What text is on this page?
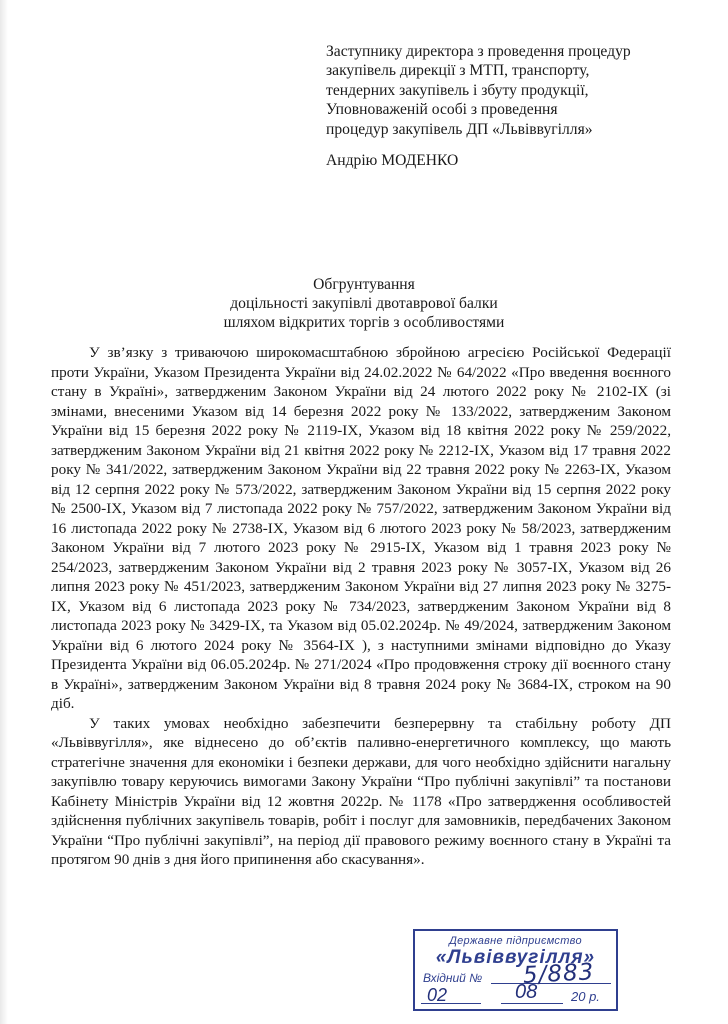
Заступнику директора з проведення процедур
закупівель дирекції з МТП, транспорту,
тендерних закупівель і збуту продукції,
Уповноваженій особі з проведення
процедур закупівель ДП «Львіввугілля»
Андрію МОДЕНКО
Обгрунтування
доцільності закупівлі двотаврової балки
шляхом відкритих торгів з особливостями

У зв’язку з триваючою широкомасштабною збройною агресією Російської Федерації проти України, Указом Президента України від 24.02.2022 № 64/2022 «Про введення воєнного стану в Україні», затвердженим Законом України від 24 лютого 2022 року № 2102-IX (зі змінами, внесеними Указом від 14 березня 2022 року № 133/2022, затвердженим Законом України від 15 березня 2022 року № 2119-IX, Указом від 18 квітня 2022 року № 259/2022, затвердженим Законом України від 21 квітня 2022 року № 2212-IX, Указом від 17 травня 2022 року № 341/2022, затвердженим Законом України від 22 травня 2022 року № 2263-IX, Указом від 12 серпня 2022 року № 573/2022, затвердженим Законом України від 15 серпня 2022 року № 2500-IX, Указом від 7 листопада 2022 року № 757/2022, затвердженим Законом України від 16 листопада 2022 року № 2738-IX, Указом від 6 лютого 2023 року № 58/2023, затвердженим Законом України від 7 лютого 2023 року № 2915-IX, Указом від 1 травня 2023 року № 254/2023, затвердженим Законом України від 2 травня 2023 року № 3057-IX, Указом від 26 липня 2023 року № 451/2023, затвердженим Законом України від 27 липня 2023 року № 3275-IX, Указом від 6 листопада 2023 року № 734/2023, затвердженим Законом України від 8 листопада 2023 року № 3429-IX, та Указом від 05.02.2024р. № 49/2024, затвердженим Законом України від 6 лютого 2024 року № 3564-IX ), з наступними змінами відповідно до Указу Президента України від 06.05.2024р. № 271/2024 «Про продовження строку дії воєнного стану в Україні», затвердженим Законом України від 8 травня 2024 року № 3684-IX, строком на 90 діб.

У таких умовах необхідно забезпечити безперервну та стабільну роботу ДП «Львіввугілля», яке віднесено до об’єктів паливно-енергетичного комплексу, що мають стратегічне значення для економіки і безпеки держави, для чого необхідно здійснити нагальну закупівлю товару керуючись вимогами Закону України “Про публічні закупівлі” та постанови Кабінету Міністрів України від 12 жовтня 2022р. № 1178 «Про затвердження особливостей здійснення публічних закупівель товарів, робіт і послуг для замовників, передбачених Законом України “Про публічні закупівлі”, на період дії правового режиму воєнного стану в Україні та протягом 90 днів з дня його припинення або скасування».

Державне підприємство
«Львіввугілля»
Вхідний № 5/883
02	08	20 р.
